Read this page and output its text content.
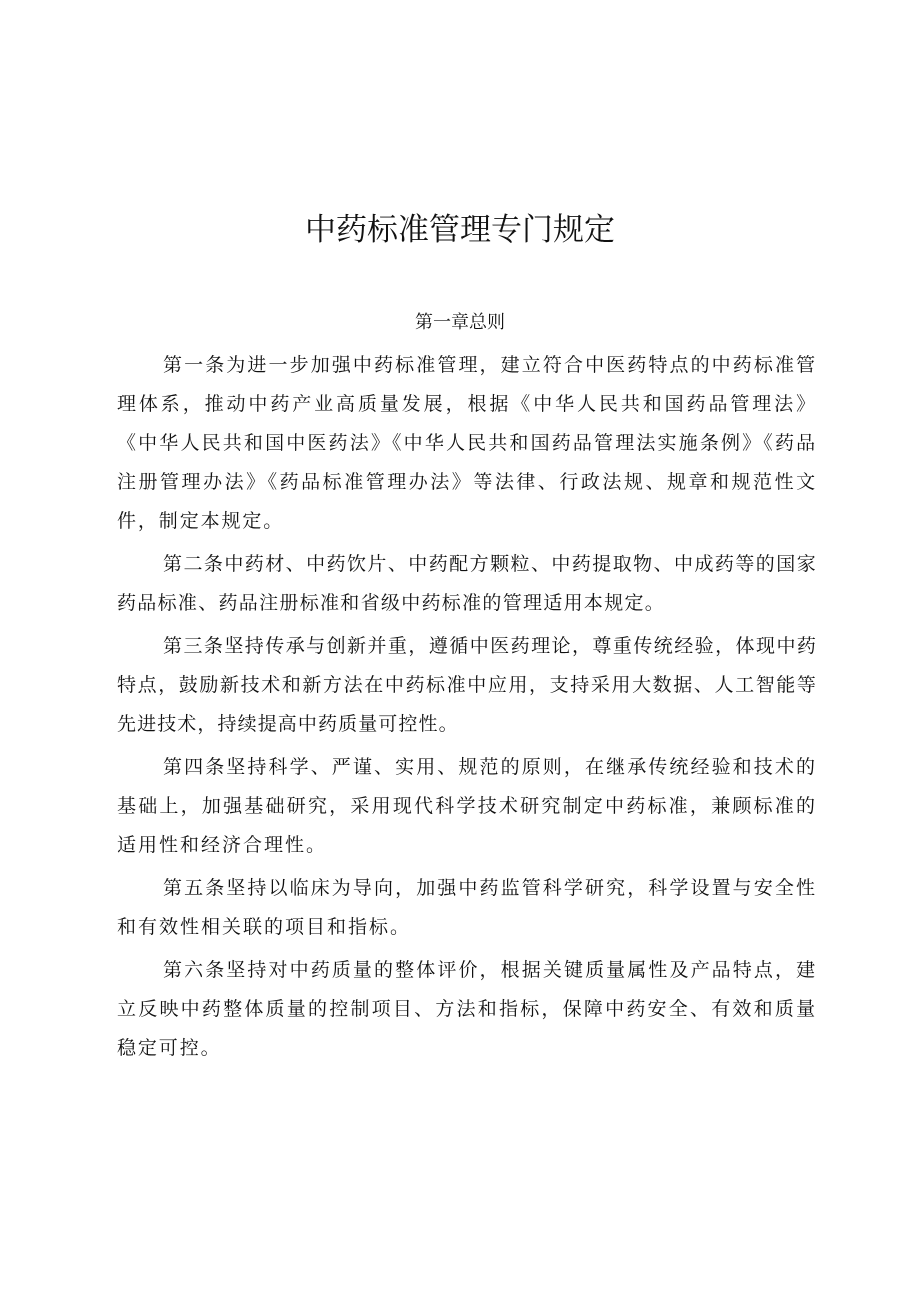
中药标准管理专门规定
第一章总则

第一条为进一步加强中药标准管理，建立符合中医药特点的中药标准管理体系，推动中药产业高质量发展，根据《中华人民共和国药品管理法》《中华人民共和国中医药法》《中华人民共和国药品管理法实施条例》《药品注册管理办法》《药品标准管理办法》等法律、行政法规、规章和规范性文件，制定本规定。

第二条中药材、中药饮片、中药配方颗粒、中药提取物、中成药等的国家药品标准、药品注册标准和省级中药标准的管理适用本规定。

第三条坚持传承与创新并重，遵循中医药理论，尊重传统经验，体现中药特点，鼓励新技术和新方法在中药标准中应用，支持采用大数据、人工智能等先进技术，持续提高中药质量可控性。

第四条坚持科学、严谨、实用、规范的原则，在继承传统经验和技术的基础上，加强基础研究，采用现代科学技术研究制定中药标准，兼顾标准的适用性和经济合理性。

第五条坚持以临床为导向，加强中药监管科学研究，科学设置与安全性和有效性相关联的项目和指标。

第六条坚持对中药质量的整体评价，根据关键质量属性及产品特点，建立反映中药整体质量的控制项目、方法和指标，保障中药安全、有效和质量稳定可控。
